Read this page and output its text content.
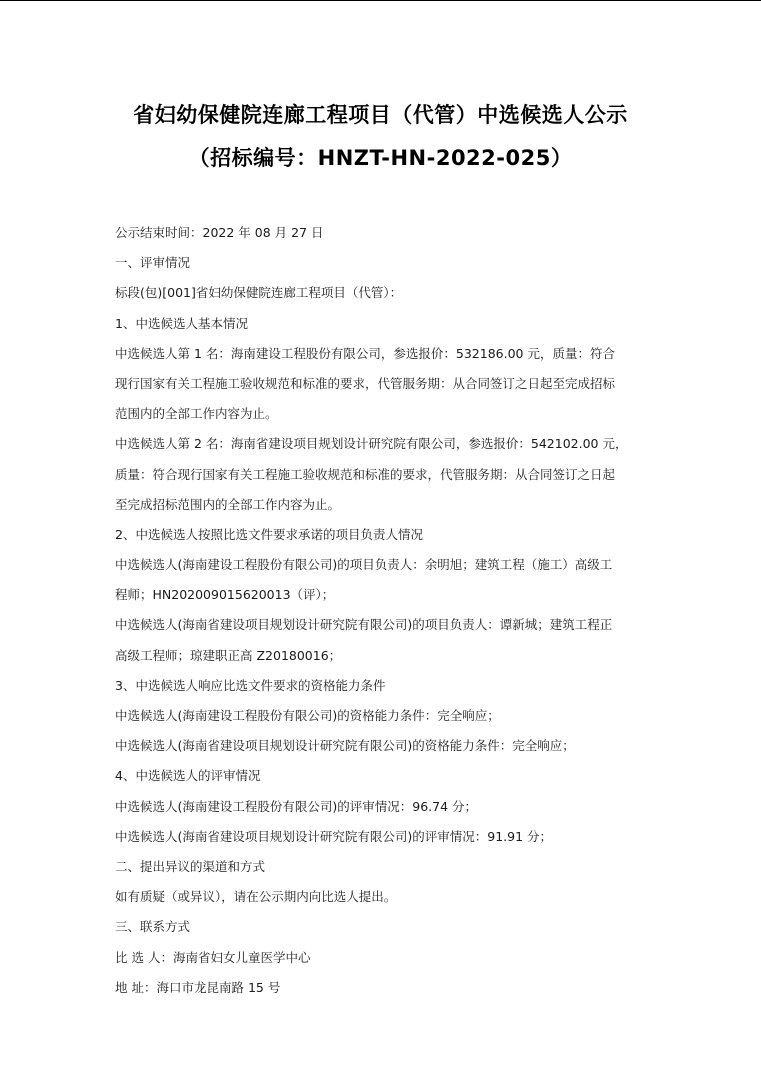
省妇幼保健院连廊工程项目（代管）中选候选人公示
（招标编号：HNZT-HN-2022-025）
公示结束时间：2022 年 08 月 27 日
一、评审情况
标段(包)[001]省妇幼保健院连廊工程项目（代管）：
1、中选候选人基本情况
中选候选人第 1 名：海南建设工程股份有限公司，参选报价：532186.00 元，质量：符合
现行国家有关工程施工验收规范和标准的要求，代管服务期：从合同签订之日起至完成招标
范围内的全部工作内容为止。
中选候选人第 2 名：海南省建设项目规划设计研究院有限公司，参选报价：542102.00 元，
质量：符合现行国家有关工程施工验收规范和标准的要求，代管服务期：从合同签订之日起
至完成招标范围内的全部工作内容为止。
2、中选候选人按照比选文件要求承诺的项目负责人情况
中选候选人(海南建设工程股份有限公司)的项目负责人：余明旭；建筑工程（施工）高级工
程师；HN202009015620013（评）；
中选候选人(海南省建设项目规划设计研究院有限公司)的项目负责人：谭新城；建筑工程正
高级工程师；琼建职正高 Z20180016；
3、中选候选人响应比选文件要求的资格能力条件
中选候选人(海南建设工程股份有限公司)的资格能力条件：完全响应；
中选候选人(海南省建设项目规划设计研究院有限公司)的资格能力条件：完全响应；
4、中选候选人的评审情况
中选候选人(海南建设工程股份有限公司)的评审情况：96.74 分；
中选候选人(海南省建设项目规划设计研究院有限公司)的评审情况：91.91 分；
二、提出异议的渠道和方式
如有质疑（或异议），请在公示期内向比选人提出。
三、联系方式
比 选 人：海南省妇女儿童医学中心
地 址：海口市龙昆南路 15 号
